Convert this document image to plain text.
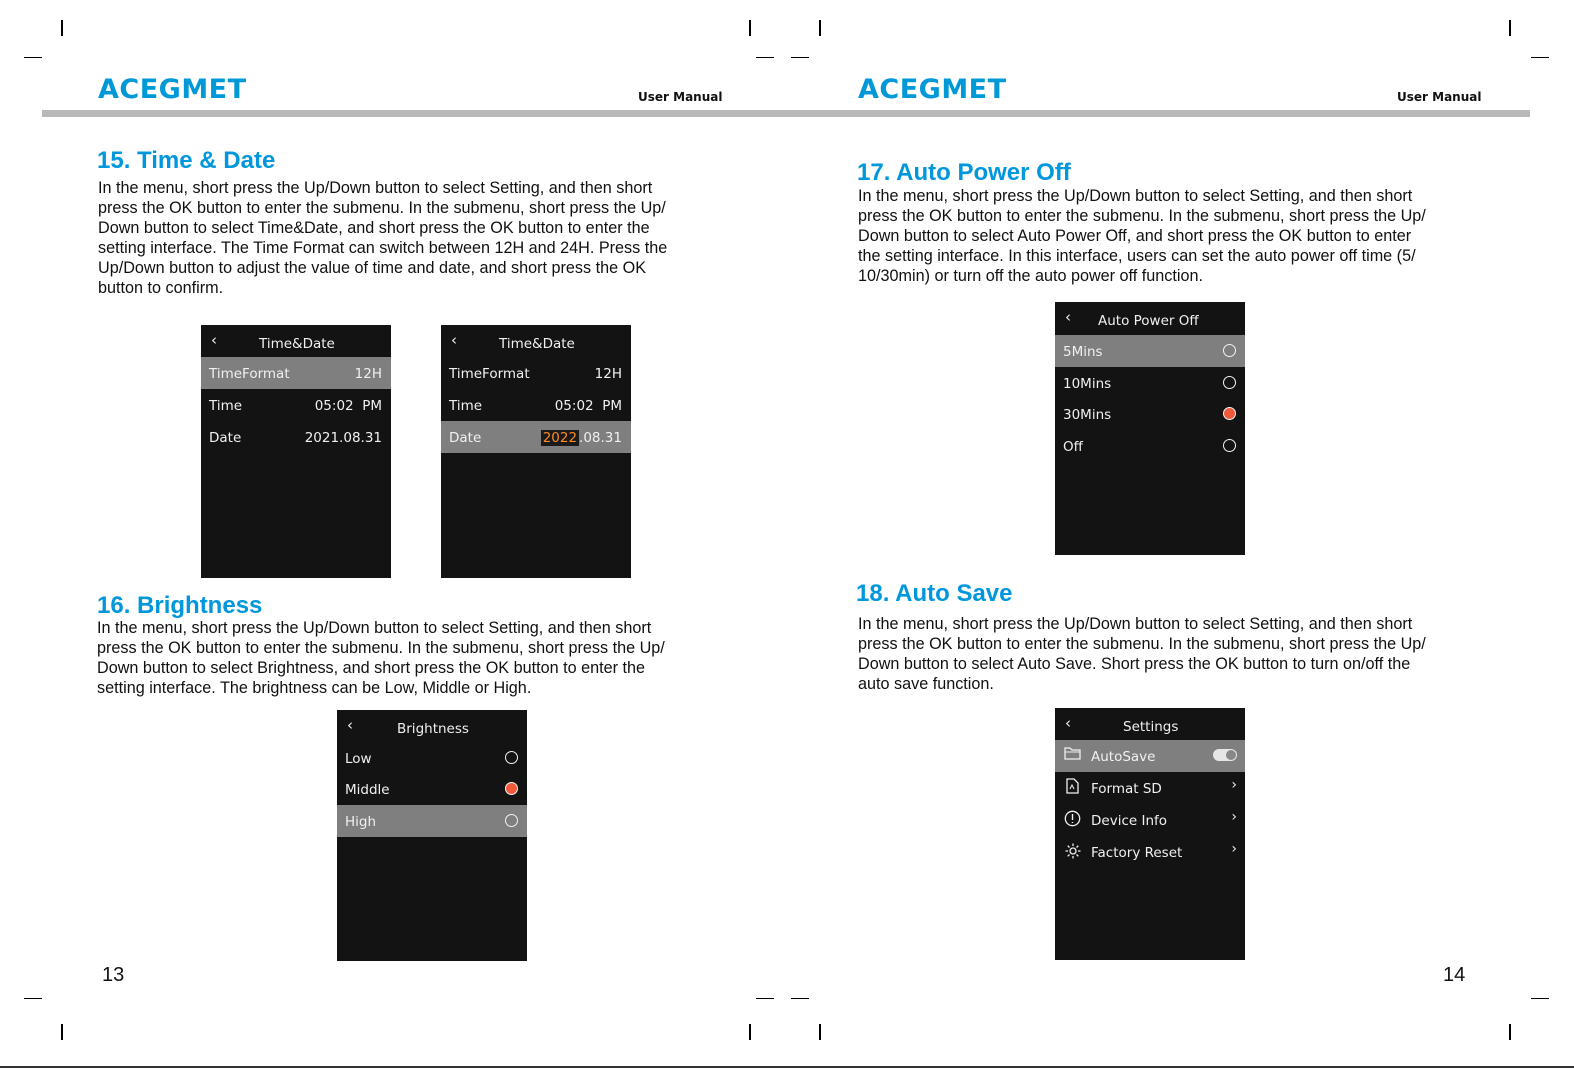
ACEGMET	User Manual	ACEGMET	User Manual
15. Time & Date
In the menu, short press the Up/Down button to select Setting, and then short
press the OK button to enter the submenu. In the submenu, short press the Up/
Down button to select Time&Date, and short press the OK button to enter the
setting interface. The Time Format can switch between 12H and 24H. Press the
Up/Down button to adjust the value of time and date, and short press the OK
button to confirm.
‹	Time&Date
TimeFormat	12H
Time	05:02  PM
Date	2021.08.31
‹	Time&Date
TimeFormat	12H
Time	05:02  PM
Date	2022 .08.31
16. Brightness
In the menu, short press the Up/Down button to select Setting, and then short
press the OK button to enter the submenu. In the submenu, short press the Up/
Down button to select Brightness, and short press the OK button to enter the
setting interface. The brightness can be Low, Middle or High.
‹	Brightness
Low
Middle
High
13
17. Auto Power Off
In the menu, short press the Up/Down button to select Setting, and then short
press the OK button to enter the submenu. In the submenu, short press the Up/
Down button to select Auto Power Off, and short press the OK button to enter
the setting interface. In this interface, users can set the auto power off time (5/
10/30min) or turn off the auto power off function.
‹ Auto Power Off
5Mins
10Mins
30Mins
Off
18. Auto Save
In the menu, short press the Up/Down button to select Setting, and then short
press the OK button to enter the submenu. In the submenu, short press the Up/
Down button to select Auto Save. Short press the OK button to turn on/off the
auto save function.
‹	Settings
AutoSave
Format SD	›
Device Info	›
Factory Reset	›
14
